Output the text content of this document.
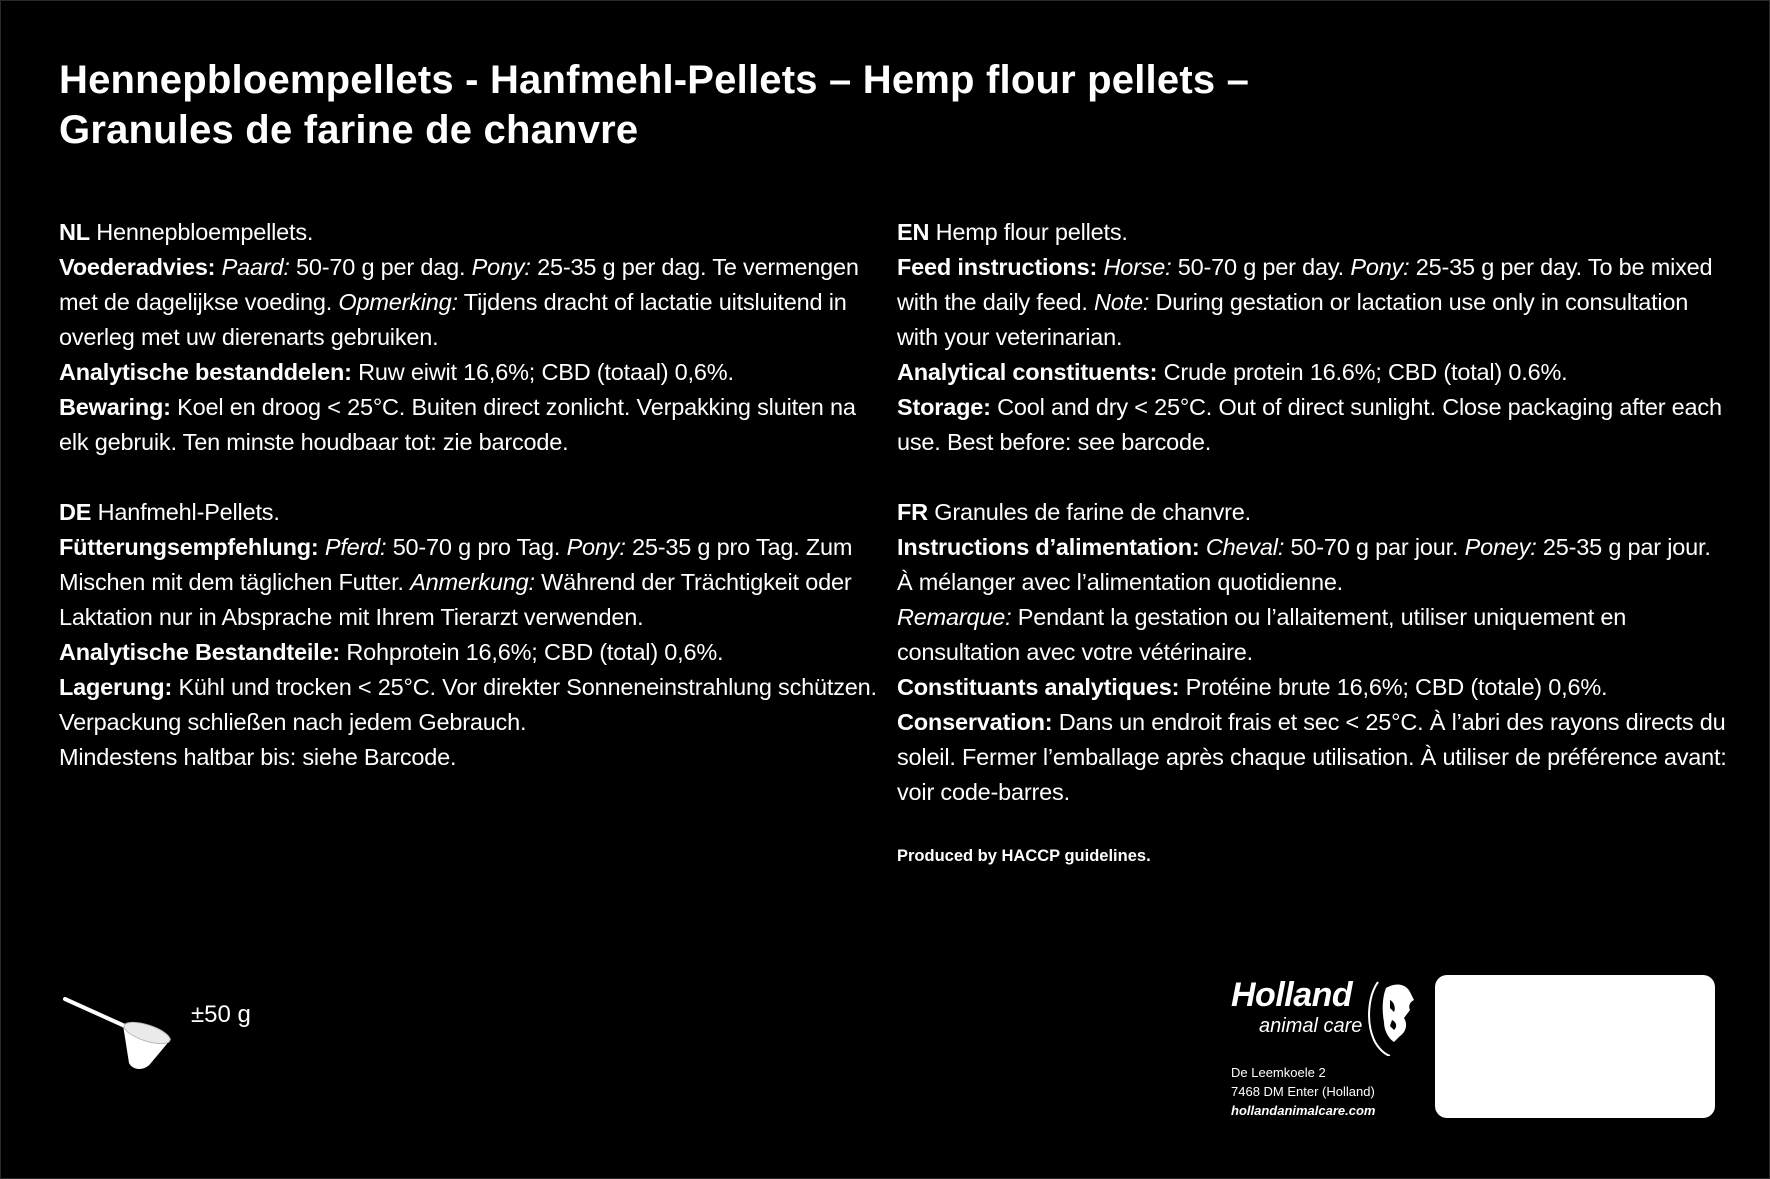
Hennepbloempellets - Hanfmehl-Pellets – Hemp flour pellets –
Granules de farine de chanvre

NL Hennepbloempellets.

Voederadvies: Paard: 50-70 g per dag. Pony: 25-35 g per dag. Te vermengen met de dagelijkse voeding. Opmerking: Tijdens dracht of lactatie uitsluitend in overleg met uw dierenarts gebruiken.

Analytische bestanddelen: Ruw eiwit 16,6%; CBD (totaal) 0,6%.

Bewaring: Koel en droog < 25°C. Buiten direct zonlicht. Verpakking sluiten na elk gebruik. Ten minste houdbaar tot: zie barcode.

EN Hemp flour pellets.

Feed instructions: Horse: 50-70 g per day. Pony: 25-35 g per day. To be mixed with the daily feed. Note: During gestation or lactation use only in consultation with your veterinarian.

Analytical constituents: Crude protein 16.6%; CBD (total) 0.6%.

Storage: Cool and dry < 25°C. Out of direct sunlight. Close packaging after each use. Best before: see barcode.

DE Hanfmehl-Pellets.

Fütterungsempfehlung: Pferd: 50-70 g pro Tag. Pony: 25-35 g pro Tag. Zum Mischen mit dem täglichen Futter. Anmerkung: Während der Trächtigkeit oder Laktation nur in Absprache mit Ihrem Tierarzt verwenden.

Analytische Bestandteile: Rohprotein 16,6%; CBD (total) 0,6%.

Lagerung: Kühl und trocken < 25°C. Vor direkter Sonneneinstrahlung schützen. Verpackung schließen nach jedem Gebrauch.

Mindestens haltbar bis: siehe Barcode.

FR Granules de farine de chanvre.

Instructions d’alimentation: Cheval: 50-70 g par jour. Poney: 25-35 g par jour. À mélanger avec l’alimentation quotidienne.

Remarque: Pendant la gestation ou l’allaitement, utiliser uniquement en consultation avec votre vétérinaire.

Constituants analytiques: Protéine brute 16,6%; CBD (totale) 0,6%.

Conservation: Dans un endroit frais et sec < 25°C. À l’abri des rayons directs du soleil. Fermer l’emballage après chaque utilisation. À utiliser de préférence avant: voir code-barres.

Produced by HACCP guidelines.
±50 g
Holland
animal care
De Leemkoele 2
7468 DM Enter (Holland)
hollandanimalcare.com
